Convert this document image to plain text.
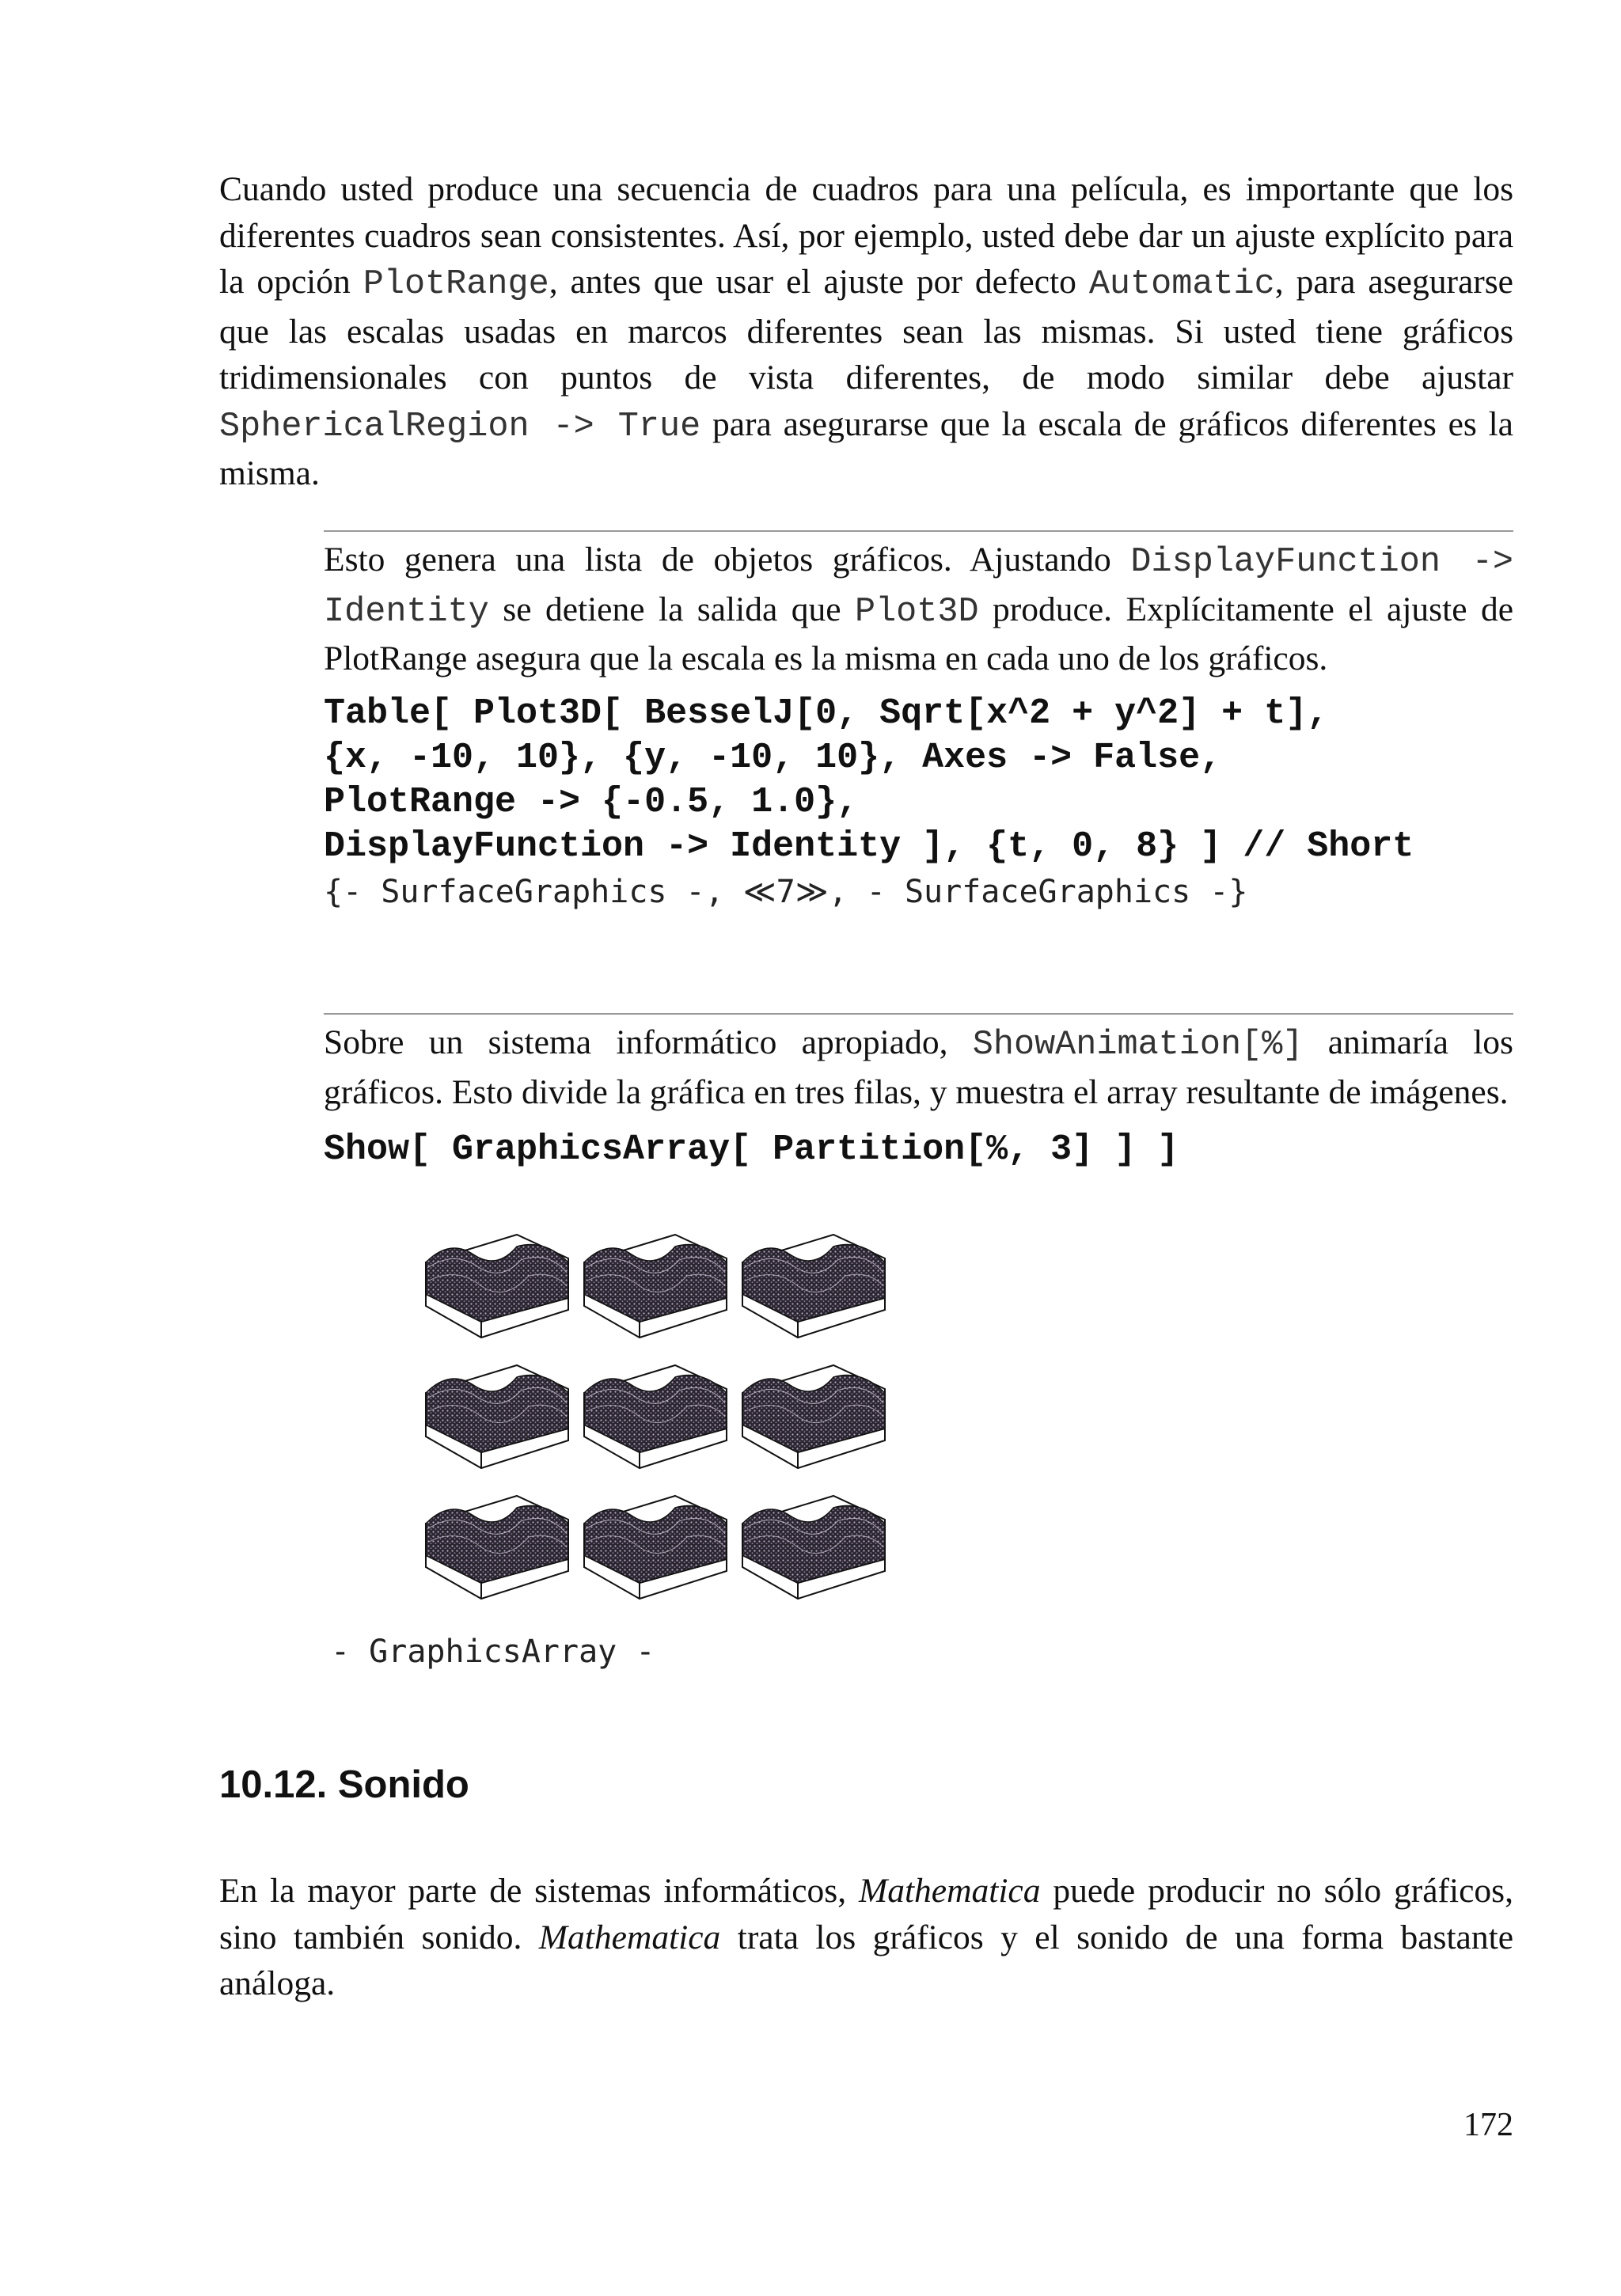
Cuando usted produce una secuencia de cuadros para una película, es importante que los diferentes cuadros sean consistentes. Así, por ejemplo, usted debe dar un ajuste explícito para la opción PlotRange, antes que usar el ajuste por defecto Automatic, para asegurarse que las escalas usadas en marcos diferentes sean las mismas. Si usted tiene gráficos tridimensionales con puntos de vista diferentes, de modo similar debe ajustar SphericalRegion -> True para asegurarse que la escala de gráficos diferentes es la misma.

Esto genera una lista de objetos gráficos. Ajustando DisplayFunction -> Identity se detiene la salida que Plot3D produce. Explícitamente el ajuste de PlotRange asegura que la escala es la misma en cada uno de los gráficos.

Table[ Plot3D[ BesselJ[0, Sqrt[x^2 + y^2] + t],
{x, -10, 10}, {y, -10, 10}, Axes -> False,
PlotRange -> {-0.5, 1.0},
DisplayFunction -> Identity ], {t, 0, 8} ] // Short
{- SurfaceGraphics -, ≪7≫, - SurfaceGraphics -}

Sobre un sistema informático apropiado, ShowAnimation[%] animaría los gráficos. Esto divide la gráfica en tres filas, y muestra el array resultante de imágenes.

Show[ GraphicsArray[ Partition[%, 3] ] ]
- GraphicsArray -
10.12. Sonido

En la mayor parte de sistemas informáticos, Mathematica puede producir no sólo gráficos, sino también sonido. Mathematica trata los gráficos y el sonido de una forma bastante análoga.

172
